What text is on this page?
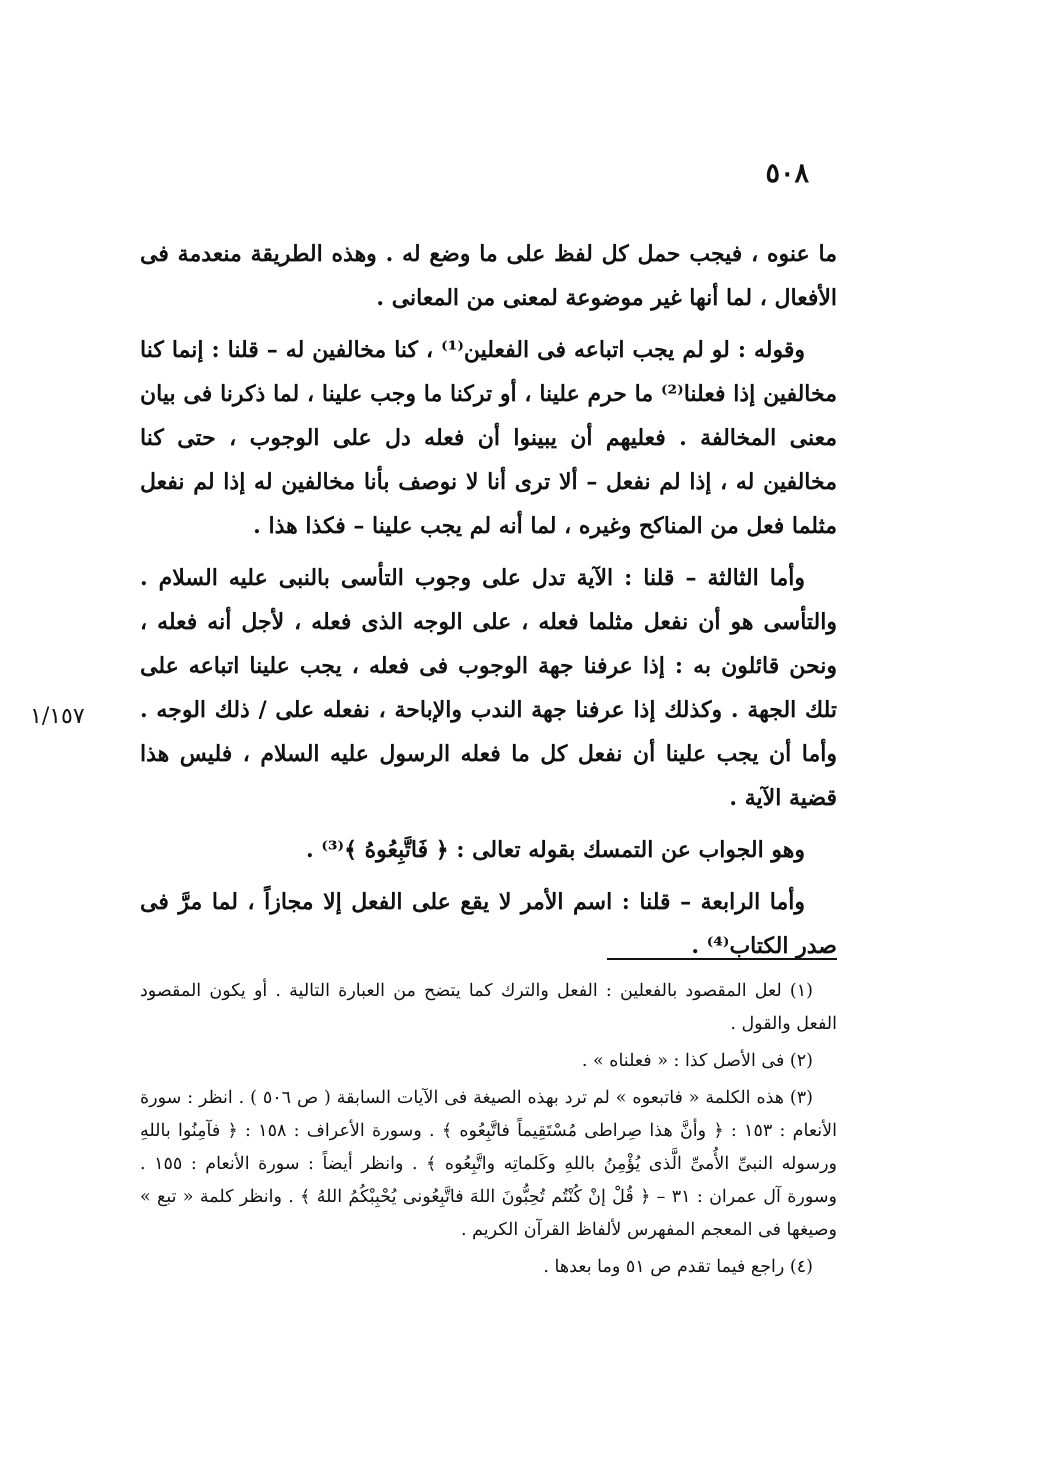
٥٠٨
١/١٥٧

ما عنوه ، فيجب حمل كل لفظ على ما وضع له . وهذه الطريقة منعدمة فى الأفعال ، لما أنها غير موضوعة لمعنى من المعانى .

وقوله : لو لم يجب اتباعه فى الفعلين⁽¹⁾ ، كنا مخالفين له – قلنا : إنما كنا مخالفين إذا فعلنا⁽²⁾ ما حرم علينا ، أو تركنا ما وجب علينا ، لما ذكرنا فى بيان معنى المخالفة . فعليهم أن يبينوا أن فعله دل على الوجوب ، حتى كنا مخالفين له ، إذا لم نفعل – ألا ترى أنا لا نوصف بأنا مخالفين له إذا لم نفعل مثلما فعل من المناكح وغيره ، لما أنه لم يجب علينا – فكذا هذا .

وأما الثالثة – قلنا : الآية تدل على وجوب التأسى بالنبى عليه السلام . والتأسى هو أن نفعل مثلما فعله ، على الوجه الذى فعله ، لأجل أنه فعله ، ونحن قائلون به : إذا عرفنا جهة الوجوب فى فعله ، يجب علينا اتباعه على تلك الجهة . وكذلك إذا عرفنا جهة الندب والإباحة ، نفعله على / ذلك الوجه . وأما أن يجب علينا أن نفعل كل ما فعله الرسول عليه السلام ، فليس هذا قضية الآية .

وهو الجواب عن التمسك بقوله تعالى : ﴿ فَاتَّبِعُوهُ ﴾⁽³⁾ .

وأما الرابعة – قلنا : اسم الأمر لا يقع على الفعل إلا مجازاً ، لما مرَّ فى صدر الكتاب⁽⁴⁾ .

(١) لعل المقصود بالفعلين : الفعل والترك كما يتضح من العبارة التالية . أو يكون المقصود الفعل والقول .

(٢) فى الأصل كذا : « فعلناه » .

(٣) هذه الكلمة « فاتبعوه » لم ترد بهذه الصيغة فى الآيات السابقة ( ص ٥٠٦ ) . انظر : سورة الأنعام : ١٥٣ : ﴿ وأنَّ هذا صِراطى مُسْتَقِيماً فاتَّبِعُوه ﴾ . وسورة الأعراف : ١٥٨ : ﴿ فآمِنُوا باللهِ ورسوله النبىِّ الأُمىِّ الَّذى يُؤْمِنُ باللهِ وكَلماتِه واتَّبِعُوه ﴾ . وانظر أيضاً : سورة الأنعام : ١٥٥ . وسورة آل عمران : ٣١ – ﴿ قُلْ إنْ كُنْتُم تُحِبُّونَ اللهَ فاتَّبِعُونى يُحْبِبْكُمُ اللهُ ﴾ . وانظر كلمة « تبع » وصيغها فى المعجم المفهرس لألفاظ القرآن الكريم .

(٤) راجع فيما تقدم ص ٥١ وما بعدها .
